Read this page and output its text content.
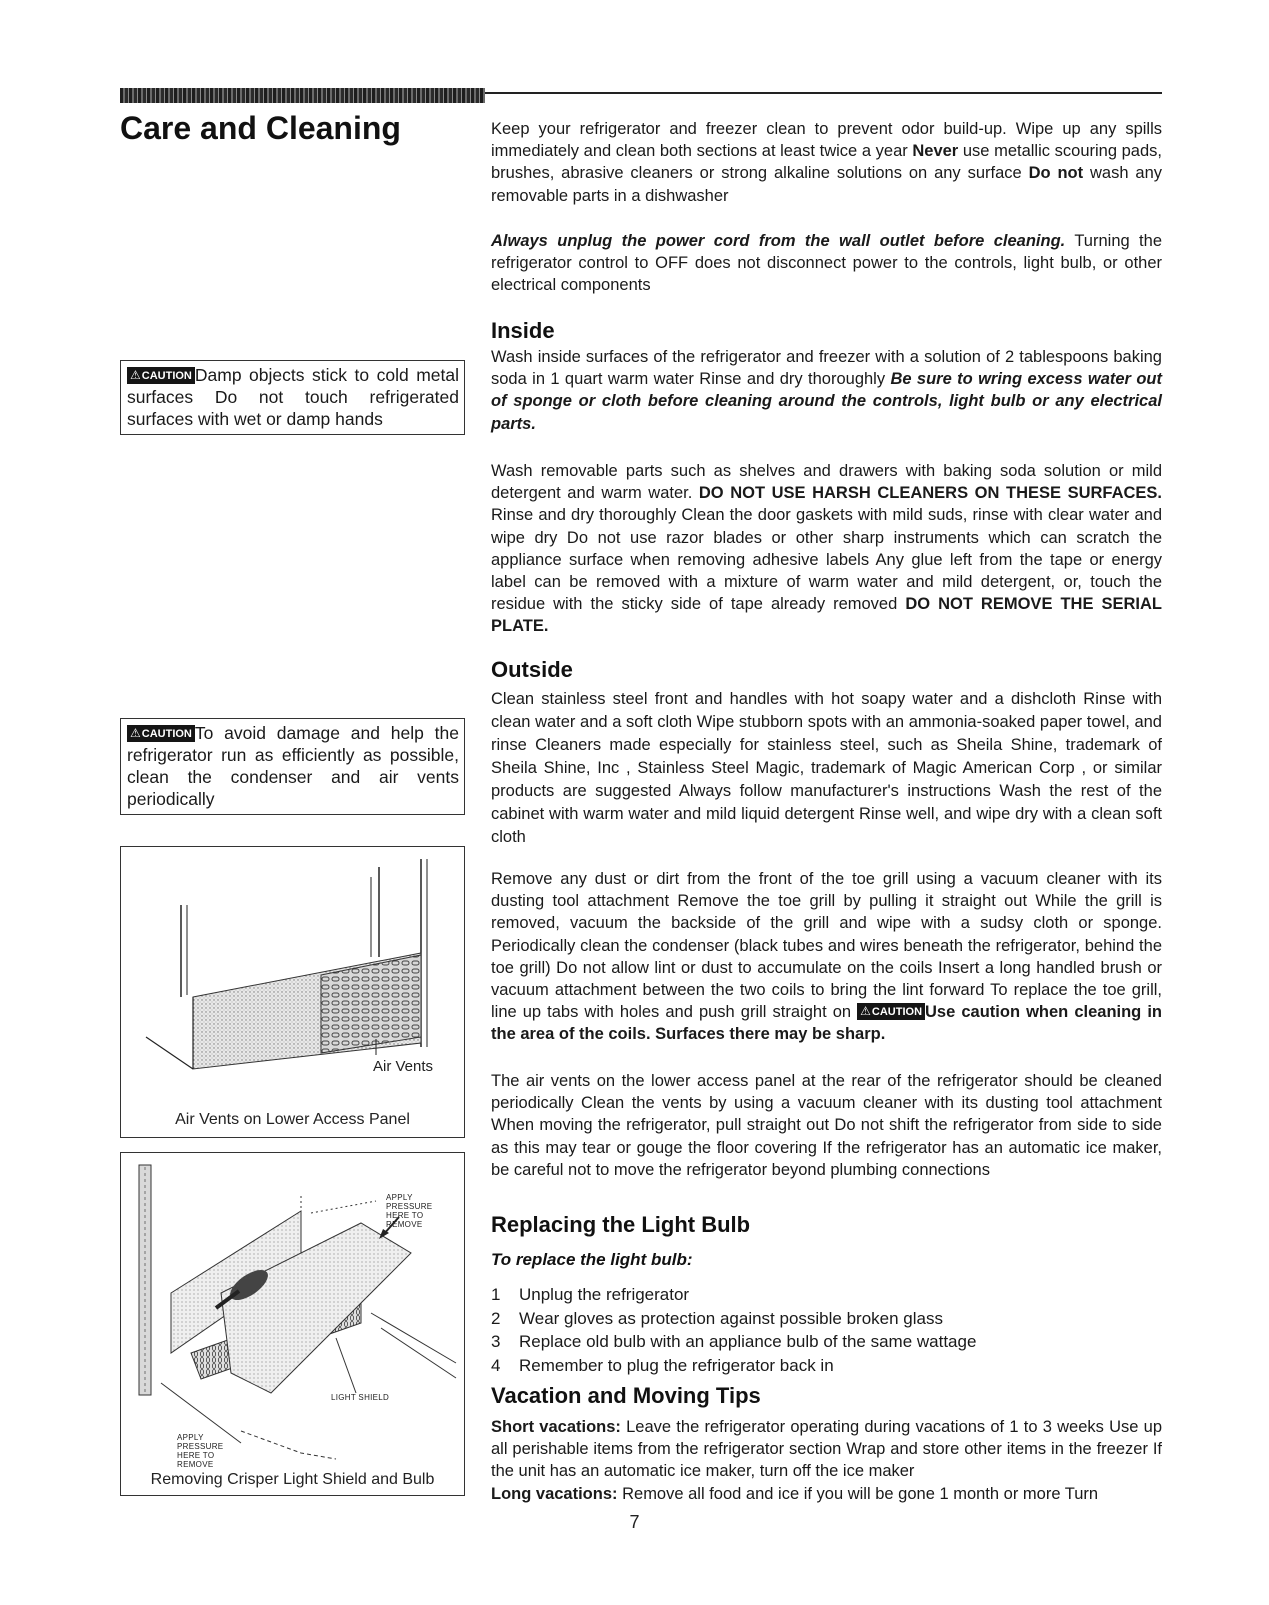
Care and Cleaning	Keep your refrigerator and freezer clean to prevent odor build-up. Wipe up any spills immediately and clean both sections at least twice a year Never use metallic scouring pads, brushes, abrasive cleaners or strong alkaline solutions on any surface Do not wash any removable parts in a dishwasher

Always unplug the power cord from the wall outlet before cleaning. Turning the refrigerator control to OFF does not disconnect power to the controls, light bulb, or other electrical components

Inside

Wash inside surfaces of the refrigerator and freezer with a solution of 2 tablespoons baking soda in 1 quart warm water Rinse and dry thoroughly Be sure to wring excess water out of sponge or cloth before cleaning around the controls, light bulb or any electrical parts.

Wash removable parts such as shelves and drawers with baking soda solution or mild detergent and warm water. DO NOT USE HARSH CLEANERS ON THESE SURFACES. Rinse and dry thoroughly Clean the door gaskets with mild suds, rinse with clear water and wipe dry Do not use razor blades or other sharp instruments which can scratch the appliance surface when removing adhesive labels Any glue left from the tape or energy label can be removed with a mixture of warm water and mild detergent, or, touch the residue with the sticky side of tape already removed DO NOT REMOVE THE SERIAL PLATE.

Outside

Clean stainless steel front and handles with hot soapy water and a dishcloth Rinse with clean water and a soft cloth Wipe stubborn spots with an ammonia-soaked paper towel, and rinse Cleaners made especially for stainless steel, such as Sheila Shine, trademark of Sheila Shine, Inc , Stainless Steel Magic, trademark of Magic American Corp , or similar products are suggested Always follow manufacturer's instructions Wash the rest of the cabinet with warm water and mild liquid detergent Rinse well, and wipe dry with a clean soft cloth

Remove any dust or dirt from the front of the toe grill using a vacuum cleaner with its dusting tool attachment Remove the toe grill by pulling it straight out While the grill is removed, vacuum the backside of the grill and wipe with a sudsy cloth or sponge. Periodically clean the condenser (black tubes and wires beneath the refrigerator, behind the toe grill) Do not allow lint or dust to accumulate on the coils Insert a long handled brush or vacuum attachment between the two coils to bring the lint forward To replace the toe grill, line up tabs with holes and push grill straight on ⚠CAUTION Use caution when cleaning in the area of the coils. Surfaces there may be sharp.

The air vents on the lower access panel at the rear of the refrigerator should be cleaned periodically Clean the vents by using a vacuum cleaner with its dusting tool attachment When moving the refrigerator, pull straight out Do not shift the refrigerator from side to side as this may tear or gouge the floor covering If the refrigerator has an automatic ice maker, be careful not to move the refrigerator beyond plumbing connections

Replacing the Light Bulb
To replace the light bulb:
1	Unplug the refrigerator
2	Wear gloves as protection against possible broken glass
3	Replace old bulb with an appliance bulb of the same wattage
4	Remember to plug the refrigerator back in
Vacation and Moving Tips

Short vacations: Leave the refrigerator operating during vacations of 1 to 3 weeks Use up all perishable items from the refrigerator section Wrap and store other items in the freezer If the unit has an automatic ice maker, turn off the ice maker
Long vacations: Remove all food and ice if you will be gone 1 month or more Turn

⚠CAUTION Damp objects stick to cold metal surfaces Do not touch refrigerated surfaces with wet or damp hands
⚠CAUTION To avoid damage and help the refrigerator run as efficiently as possible, clean the condenser and air vents periodically
Air Vents
Air Vents on Lower Access Panel
APPLY PRESSURE HERE TO REMOVE
LIGHT SHIELD
APPLY PRESSURE HERE TO REMOVE
Removing Crisper Light Shield and Bulb
7
